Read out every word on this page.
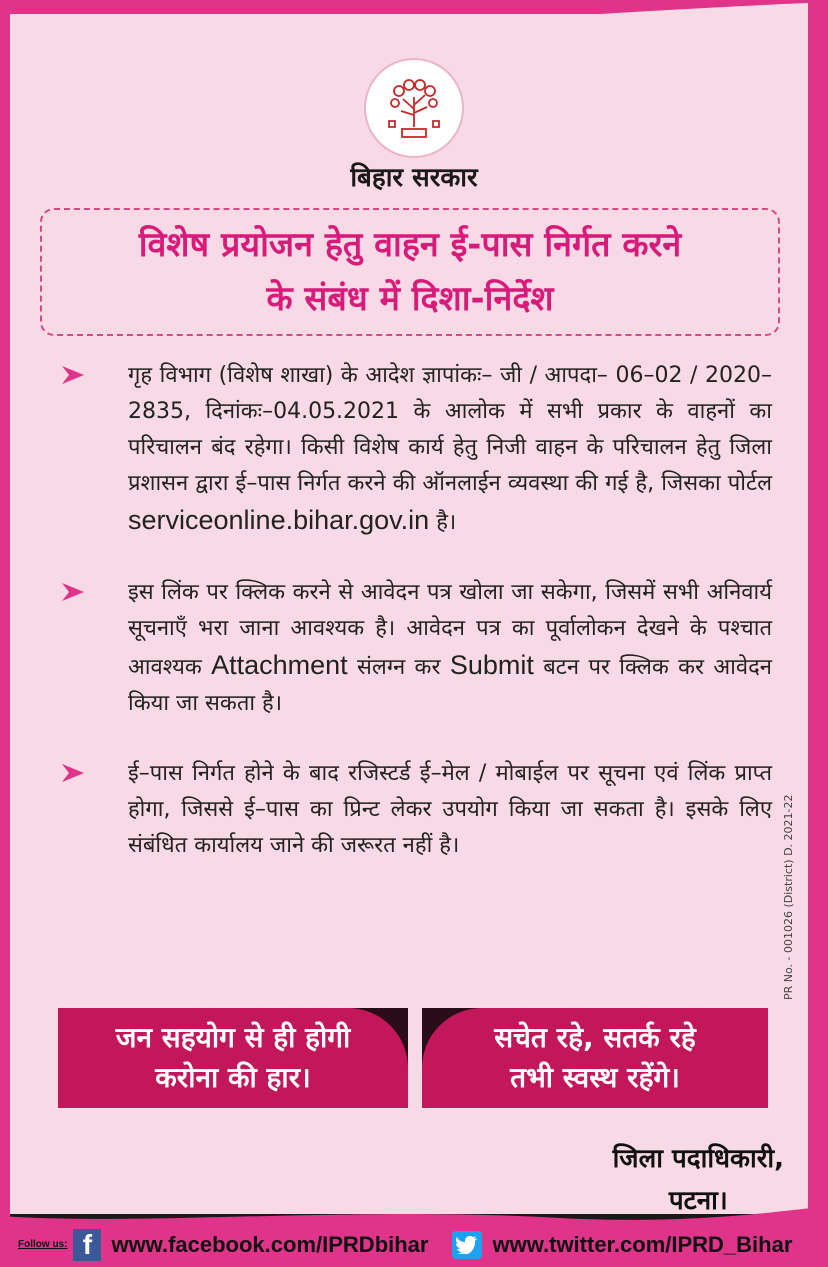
बिहार सरकार
विशेष प्रयोजन हेतु वाहन ई-पास निर्गत करने
के संबंध में दिशा-निर्देश
गृह विभाग (विशेष शाखा) के आदेश ज्ञापांकः– जी / आपदा– 06–02 / 2020–2835, दिनांकः–04.05.2021 के आलोक में सभी प्रकार के वाहनों का परिचालन बंद रहेगा। किसी विशेष कार्य हेतु निजी वाहन के परिचालन हेतु जिला प्रशासन द्वारा ई–पास निर्गत करने की ऑनलाईन व्यवस्था की गई है, जिसका पोर्टल serviceonline.bihar.gov.in है।
इस लिंक पर क्लिक करने से आवेदन पत्र खोला जा सकेगा, जिसमें सभी अनिवार्य सूचनाएँ भरा जाना आवश्यक है। आवेदन पत्र का पूर्वालोकन देखने के पश्चात आवश्यक Attachment संलग्न कर Submit बटन पर क्लिक कर आवेदन किया जा सकता है।
ई–पास निर्गत होने के बाद रजिस्टर्ड ई–मेल / मोबाईल पर सूचना एवं लिंक प्राप्त होगा, जिससे ई–पास का प्रिन्ट लेकर उपयोग किया जा सकता है। इसके लिए संबंधित कार्यालय जाने की जरूरत नहीं है।
जन सहयोग से ही होगी
करोना की हार।
सचेत रहे, सतर्क रहे
तभी स्वस्थ रहेंगे।
PR No. - 001026 (District) D. 2021-22
जिला पदाधिकारी,
पटना।
Follow us: f www.facebook.com/IPRDbihar	www.twitter.com/IPRD_Bihar
